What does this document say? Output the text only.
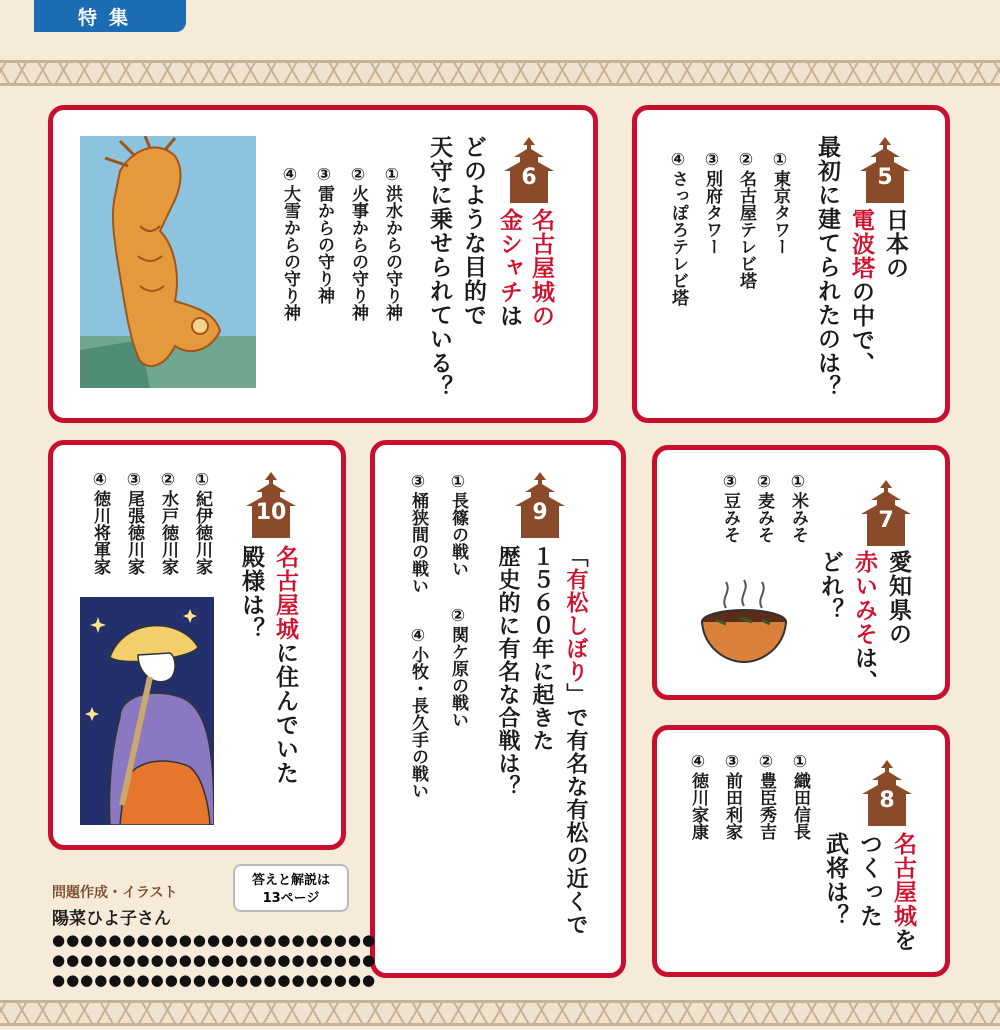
特集
6
名古屋城の
金シャチは
どのような目的で
天守に乗せられている？
①洪水からの守り神
②火事からの守り神
③雷からの守り神
④大雪からの守り神	5
日本の
電波塔の中で、
最初に建てられたのは？
①東京タワー
②名古屋テレビ塔
③別府タワー
④さっぽろテレビ塔
10
名古屋城に住んでいた
殿様は？
①紀伊徳川家
②水戸徳川家
③尾張徳川家
④徳川将軍家	9
「有松しぼり」で有名な有松の近くで
１５６０年に起きた
歴史的に有名な合戦は？
①長篠の戦い
②関ケ原の戦い
③桶狭間の戦い
④小牧・長久手の戦い
7
愛知県の
赤いみそは、
どれ？
①米みそ
②麦みそ
③豆みそ
8
名古屋城を
つくった
武将は？
①織田信長
②豊臣秀吉
③前田利家
④徳川家康
答えと解説は
13ページ
問題作成・イラスト
陽菜ひよ子さん
●●●●●●●●●●●●●●●●●●●●●●●
●●●●●●●●●●●●●●●●●●●●●●●
●●●●●●●●●●●●●●●●●●●●●●●
